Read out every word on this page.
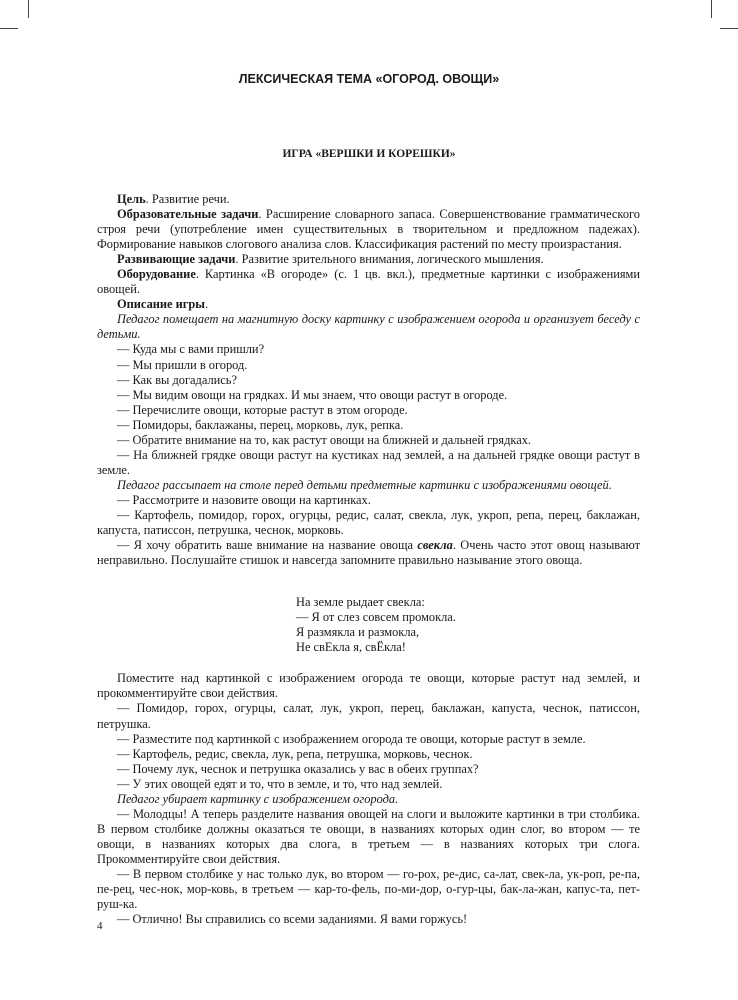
ЛЕКСИЧЕСКАЯ ТЕМА «ОГОРОД. ОВОЩИ»
ИГРА «ВЕРШКИ И КОРЕШКИ»

Цель. Развитие речи.

Образовательные задачи. Расширение словарного запаса. Совершенствование грамматического строя речи (употребление имен существительных в творительном и предложном падежах). Формирование навыков слогового анализа слов. Классификация растений по месту произрастания.

Развивающие задачи. Развитие зрительного внимания, логического мышления.

Оборудование. Картинка «В огороде» (с. 1 цв. вкл.), предметные картинки с изображениями овощей.

Описание игры.

Педагог помещает на магнитную доску картинку с изображением огорода и организует беседу с детьми.

— Куда мы с вами пришли?

— Мы пришли в огород.

— Как вы догадались?

— Мы видим овощи на грядках. И мы знаем, что овощи растут в огороде.

— Перечислите овощи, которые растут в этом огороде.

— Помидоры, баклажаны, перец, морковь, лук, репка.

— Обратите внимание на то, как растут овощи на ближней и дальней грядках.

— На ближней грядке овощи растут на кустиках над землей, а на дальней грядке овощи растут в земле.

Педагог рассыпает на столе перед детьми предметные картинки с изображениями овощей.

— Рассмотрите и назовите овощи на картинках.

— Картофель, помидор, горох, огурцы, редис, салат, свекла, лук, укроп, репа, перец, баклажан, капуста, патиссон, петрушка, чеснок, морковь.

— Я хочу обратить ваше внимание на название овоща свекла. Очень часто этот овощ называют неправильно. Послушайте стишок и навсегда запомните правильно называние этого овоща.

На земле рыдает свекла:
— Я от слез совсем промокла.
Я размякла и размокла,
Не свЕкла я, свЁкла!

Поместите над картинкой с изображением огорода те овощи, которые растут над землей, и прокомментируйте свои действия.

— Помидор, горох, огурцы, салат, лук, укроп, перец, баклажан, капуста, чеснок, патиссон, петрушка.

— Разместите под картинкой с изображением огорода те овощи, которые растут в земле.

— Картофель, редис, свекла, лук, репа, петрушка, морковь, чеснок.

— Почему лук, чеснок и петрушка оказались у вас в обеих группах?

— У этих овощей едят и то, что в земле, и то, что над землей.

Педагог убирает картинку с изображением огорода.

— Молодцы! А теперь разделите названия овощей на слоги и выложите картинки в три столбика. В первом столбике должны оказаться те овощи, в названиях которых один слог, во втором — те овощи, в названиях которых два слога, в третьем — в названиях которых три слога. Прокомментируйте свои действия.

— В первом столбике у нас только лук, во втором — го-рох, ре-дис, са-лат, свек-ла, ук-роп, ре-па, пе-рец, чес-нок, мор-ковь, в третьем — кар-то-фель, по-ми-дор, о-гур-цы, бак-ла-жан, капус-та, пет-руш-ка.

— Отлично! Вы справились со всеми заданиями. Я вами горжусь!

4
